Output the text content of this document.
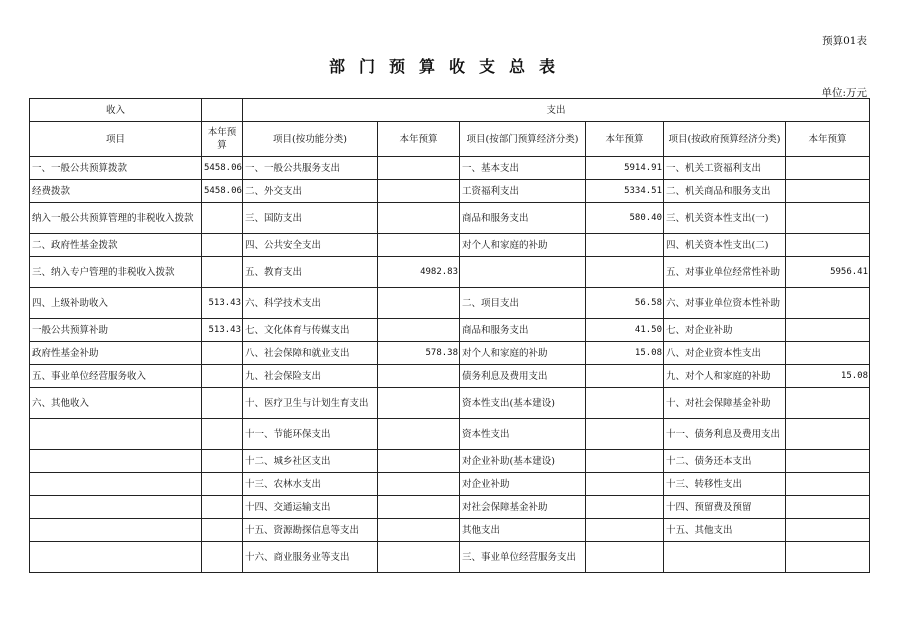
预算01表
部门预算收支总表
单位:万元
收入		支出					
项目	本年预算	项目(按功能分类)	本年预算	项目(按部门预算经济分类)	本年预算	项目(按政府预算经济分类)	本年预算
一、一般公共预算拨款	5458.06	一、一般公共服务支出		一、基本支出	5914.91	一、机关工资福利支出	
经费拨款	5458.06	二、外交支出		工资福利支出	5334.51	二、机关商品和服务支出	
纳入一般公共预算管理的非税收入拨款		三、国防支出		商品和服务支出	580.40	三、机关资本性支出(一)	
二、政府性基金拨款		四、公共安全支出		对个人和家庭的补助		四、机关资本性支出(二)	
三、纳入专户管理的非税收入拨款		五、教育支出	4982.83			五、对事业单位经常性补助	5956.41
四、上级补助收入	513.43	六、科学技术支出		二、项目支出	56.58	六、对事业单位资本性补助	
一般公共预算补助	513.43	七、文化体育与传媒支出		商品和服务支出	41.50	七、对企业补助	
政府性基金补助		八、社会保障和就业支出	578.38	对个人和家庭的补助	15.08	八、对企业资本性支出	
五、事业单位经营服务收入		九、社会保险支出		债务利息及费用支出		九、对个人和家庭的补助	15.08
六、其他收入		十、医疗卫生与计划生育支出		资本性支出(基本建设)		十、对社会保障基金补助	
		十一、节能环保支出		资本性支出		十一、债务利息及费用支出	
		十二、城乡社区支出		对企业补助(基本建设)		十二、债务还本支出	
		十三、农林水支出		对企业补助		十三、转移性支出	
		十四、交通运输支出		对社会保障基金补助		十四、预留费及预留	
		十五、资源勘探信息等支出		其他支出		十五、其他支出	
		十六、商业服务业等支出		三、事业单位经营服务支出			
